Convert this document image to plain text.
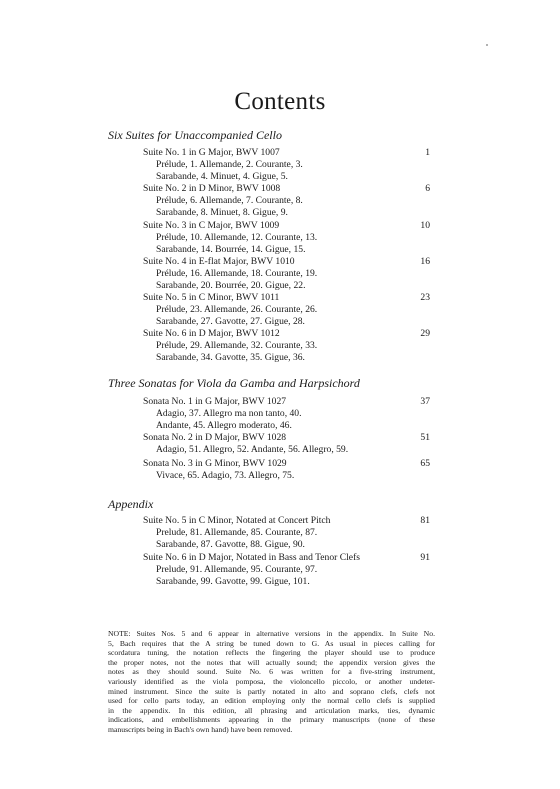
Contents
Six Suites for Unaccompanied Cello
Suite No. 1 in G Major, BWV 1007
Prélude, 1. Allemande, 2. Courante, 3.
Sarabande, 4. Minuet, 4. Gigue, 5.
1
Suite No. 2 in D Minor, BWV 1008
Prélude, 6. Allemande, 7. Courante, 8.
Sarabande, 8. Minuet, 8. Gigue, 9.
6
Suite No. 3 in C Major, BWV 1009
Prélude, 10. Allemande, 12. Courante, 13.
Sarabande, 14. Bourrée, 14. Gigue, 15.
10
Suite No. 4 in E-flat Major, BWV 1010
Prélude, 16. Allemande, 18. Courante, 19.
Sarabande, 20. Bourrée, 20. Gigue, 22.
16
Suite No. 5 in C Minor, BWV 1011
Prélude, 23. Allemande, 26. Courante, 26.
Sarabande, 27. Gavotte, 27. Gigue, 28.
23
Suite No. 6 in D Major, BWV 1012
Prélude, 29. Allemande, 32. Courante, 33.
Sarabande, 34. Gavotte, 35. Gigue, 36.
29
Three Sonatas for Viola da Gamba and Harpsichord
Sonata No. 1 in G Major, BWV 1027
Adagio, 37. Allegro ma non tanto, 40.
Andante, 45. Allegro moderato, 46.
37
Sonata No. 2 in D Major, BWV 1028
Adagio, 51. Allegro, 52. Andante, 56. Allegro, 59.
51
Sonata No. 3 in G Minor, BWV 1029
Vivace, 65. Adagio, 73. Allegro, 75.
65
Appendix
Suite No. 5 in C Minor, Notated at Concert Pitch
Prelude, 81. Allemande, 85. Courante, 87.
Sarabande, 87. Gavotte, 88. Gigue, 90.
81
Suite No. 6 in D Major, Notated in Bass and Tenor Clefs
Prelude, 91. Allemande, 95. Courante, 97.
Sarabande, 99. Gavotte, 99. Gigue, 101.
91
NOTE: Suites Nos. 5 and 6 appear in alternative versions in the appendix. In Suite No.
5, Bach requires that the A string be tuned down to G. As usual in pieces calling for
scordatura tuning, the notation reflects the fingering the player should use to produce
the proper notes, not the notes that will actually sound; the appendix version gives the
notes as they should sound. Suite No. 6 was written for a five-string instrument,
variously identified as the viola pomposa, the violoncello piccolo, or another undeter-
mined instrument. Since the suite is partly notated in alto and soprano clefs, clefs not
used for cello parts today, an edition employing only the normal cello clefs is supplied
in the appendix. In this edition, all phrasing and articulation marks, ties, dynamic
indications, and embellishments appearing in the primary manuscripts (none of these
manuscripts being in Bach's own hand) have been removed.
